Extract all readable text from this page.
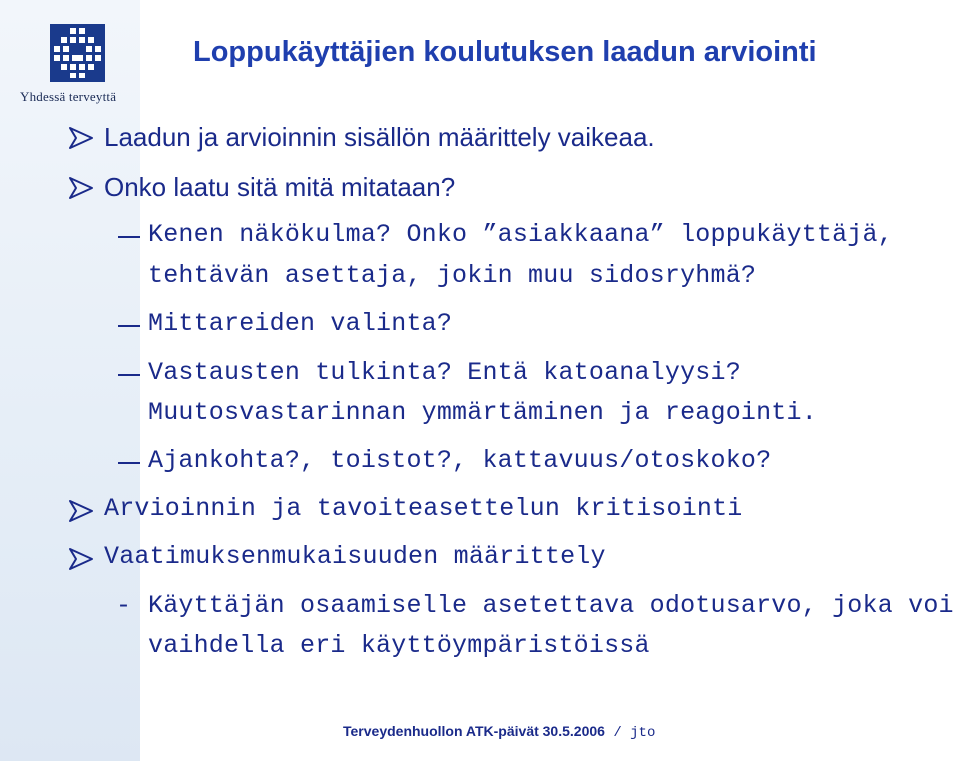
Yhdessä terveyttä
Loppukäyttäjien koulutuksen laadun arviointi
Laadun ja arvioinnin sisällön määrittely vaikeaa.
Onko laatu sitä mitä mitataan?
Kenen näkökulma? Onko ”asiakkaana” loppukäyttäjä,
tehtävän asettaja, jokin muu sidosryhmä?
Mittareiden valinta?
Vastausten tulkinta? Entä katoanalyysi?
Muutosvastarinnan ymmärtäminen ja reagointi.
Ajankohta?, toistot?, kattavuus/otoskoko?
Arvioinnin ja tavoiteasettelun kritisointi
Vaatimuksenmukaisuuden määrittely
- Käyttäjän osaamiselle asetettava odotusarvo, joka voi
vaihdella eri käyttöympäristöissä
Terveydenhuollon ATK-päivät 30.5.2006 / jto
